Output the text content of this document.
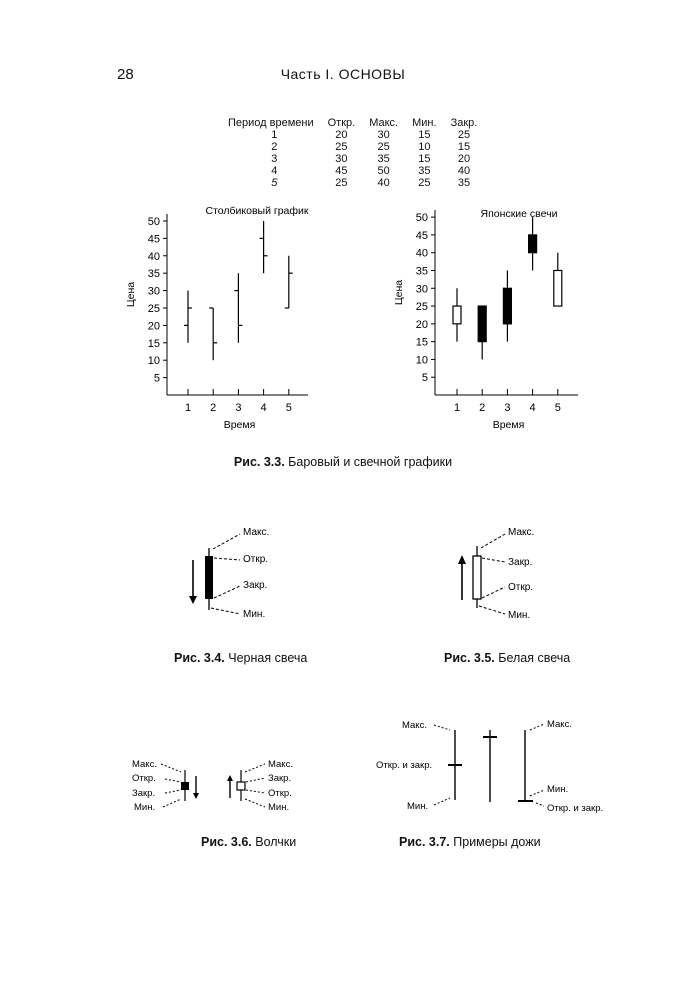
28	Часть I. ОСНОВЫ
Период времени	Откр.	Макс.	Мин.	Закр.
1	20	30	15	25
2	25	25	10	15
3	30	35	15	20
4	45	50	35	40
5	25	40	25	35
5
10
15
20
25
30
35
40
45
50
1 2 3 4 5
Столбиковый график
Время
Цена
5
10
15
20
25
30
35
40
45
50
1 2 3 4 5
Японские свечи
Время
Цена
Рис. 3.3. Баровый и свечной графики
Макс.
Откр.
Закр.
Мин.
Рис. 3.4. Черная свеча
Макс.
Закр.
Откр.
Мин.
Рис. 3.5. Белая свеча
Макс.
Откр.
Закр.
Мин.
Макс.
Закр.
Откр.
Мин.
Рис. 3.6. Волчки
Макс.
Откр. и закр.
Мин.
Макс.
Мин.
Откр. и закр.
Рис. 3.7. Примеры дожи
